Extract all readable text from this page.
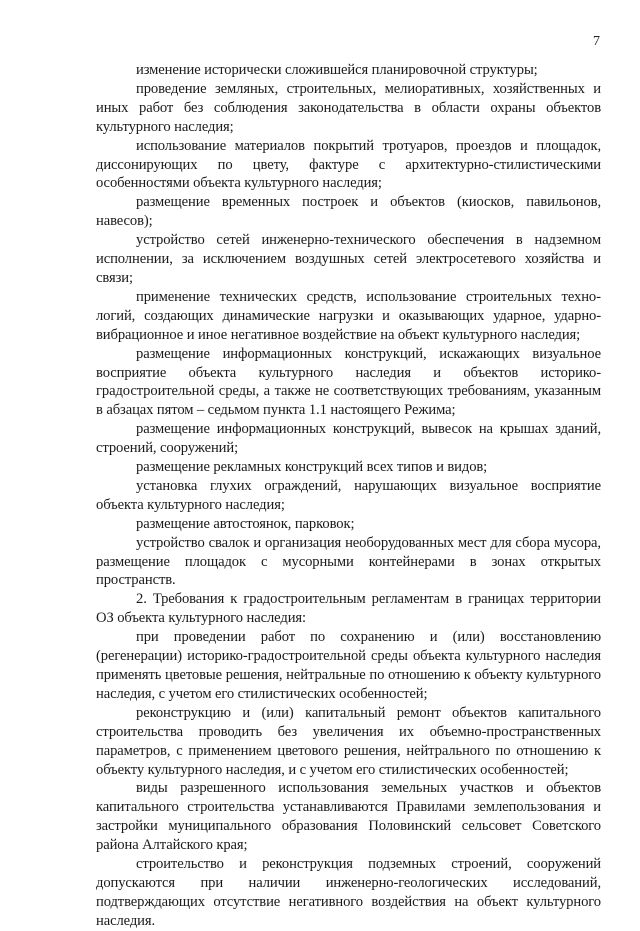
7

изменение исторически сложившейся планировочной структуры;

проведение земляных, строительных, мелиоративных, хозяйственных и иных работ без соблюдения законодательства в области охраны объектов культурного наследия;

использование материалов покрытий тротуаров, проездов и площадок, диссонирующих по цвету, фактуре с архитектурно-стилистическими особенностями объекта культурного наследия;

размещение временных построек и объектов (киосков, павильонов, навесов);

устройство сетей инженерно-технического обеспечения в надземном исполнении, за исключением воздушных сетей электросетевого хозяйства и связи;

применение технических средств, использование строительных технологий, создающих динамические нагрузки и оказывающих ударное, ударно-вибрационное и иное негативное воздействие на объект культурного наследия;

размещение информационных конструкций, искажающих визуальное восприятие объекта культурного наследия и объектов историко-градостроительной среды, а также не соответствующих требованиям, указанным в абзацах пятом – седьмом пункта 1.1 настоящего Режима;

размещение информационных конструкций, вывесок на крышах зданий, строений, сооружений;

размещение рекламных конструкций всех типов и видов;

установка глухих ограждений, нарушающих визуальное восприятие объекта культурного наследия;

размещение автостоянок, парковок;

устройство свалок и организация необорудованных мест для сбора мусора, размещение площадок с мусорными контейнерами в зонах открытых пространств.

2. Требования к градостроительным регламентам в границах территории ОЗ объекта культурного наследия:

при проведении работ по сохранению и (или) восстановлению (регенерации) историко-градостроительной среды объекта культурного наследия применять цветовые решения, нейтральные по отношению к объекту культурного наследия, с учетом его стилистических особенностей;

реконструкцию и (или) капитальный ремонт объектов капитального строительства проводить без увеличения их объемно-пространственных параметров, с применением цветового решения, нейтрального по отношению к объекту культурного наследия, и с учетом его стилистических особенностей;

виды разрешенного использования земельных участков и объектов капитального строительства устанавливаются Правилами землепользования и застройки муниципального образования Половинский сельсовет Советского района Алтайского края;

строительство и реконструкция подземных строений, сооружений допускаются при наличии инженерно-геологических исследований, подтверждающих отсутствие негативного воздействия на объект культурного наследия.
